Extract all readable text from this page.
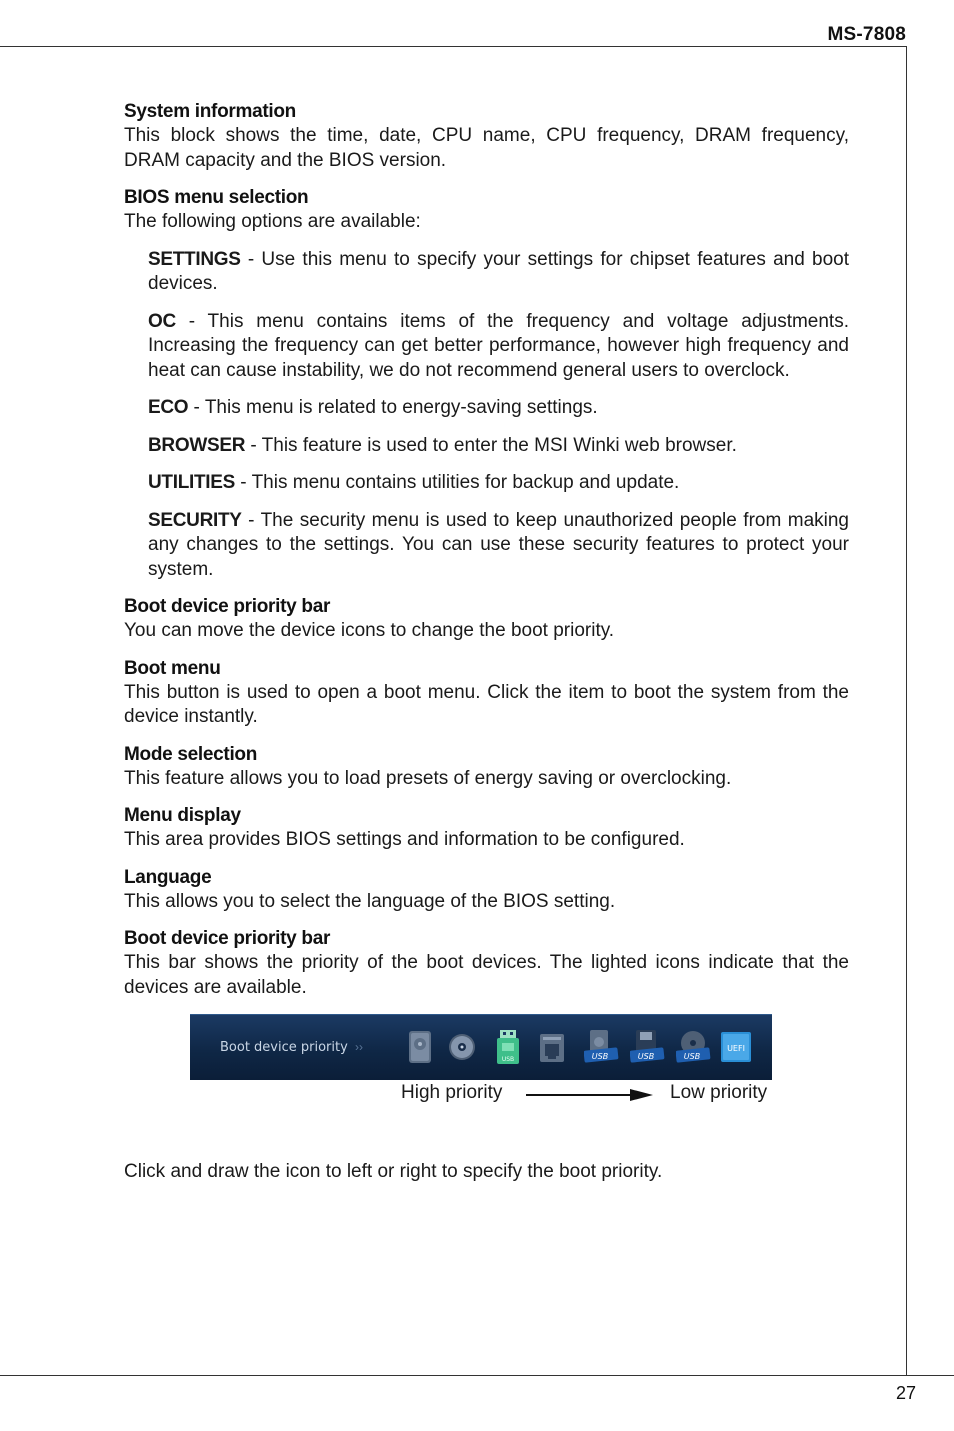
MS-7808
System information
This block shows the time, date, CPU name, CPU frequency, DRAM frequency, DRAM capacity and the BIOS version.
BIOS menu selection
The following options are available:
SETTINGS - Use this menu to specify your settings for chipset features and boot devices.
OC - This menu contains items of the frequency and voltage adjustments. Increasing the frequency can get better performance, however high frequency and heat can cause instability, we do not recommend general users to overclock.
ECO - This menu is related to energy-saving settings.
BROWSER - This feature is used to enter the MSI Winki web browser.
UTILITIES - This menu contains utilities for backup and update.
SECURITY - The security menu is used to keep unauthorized people from making any changes to the settings. You can use these security features to protect your system.
Boot device priority bar
You can move the device icons to change the boot priority.
Boot menu
This button is used to open a boot menu. Click the item to boot the system from the device instantly.
Mode selection
This feature allows you to load presets of energy saving or overclocking.
Menu display
This area provides BIOS settings and information to be configured.
Language
This allows you to select the language of the BIOS setting.
Boot device priority bar
This bar shows the priority of the boot devices. The lighted icons indicate that the devices are available.
Boot device priority ››
USB	USB	USB	USB
UEFI
High priority	Low priority
Click and draw the icon to left or right to specify the boot priority.
27
